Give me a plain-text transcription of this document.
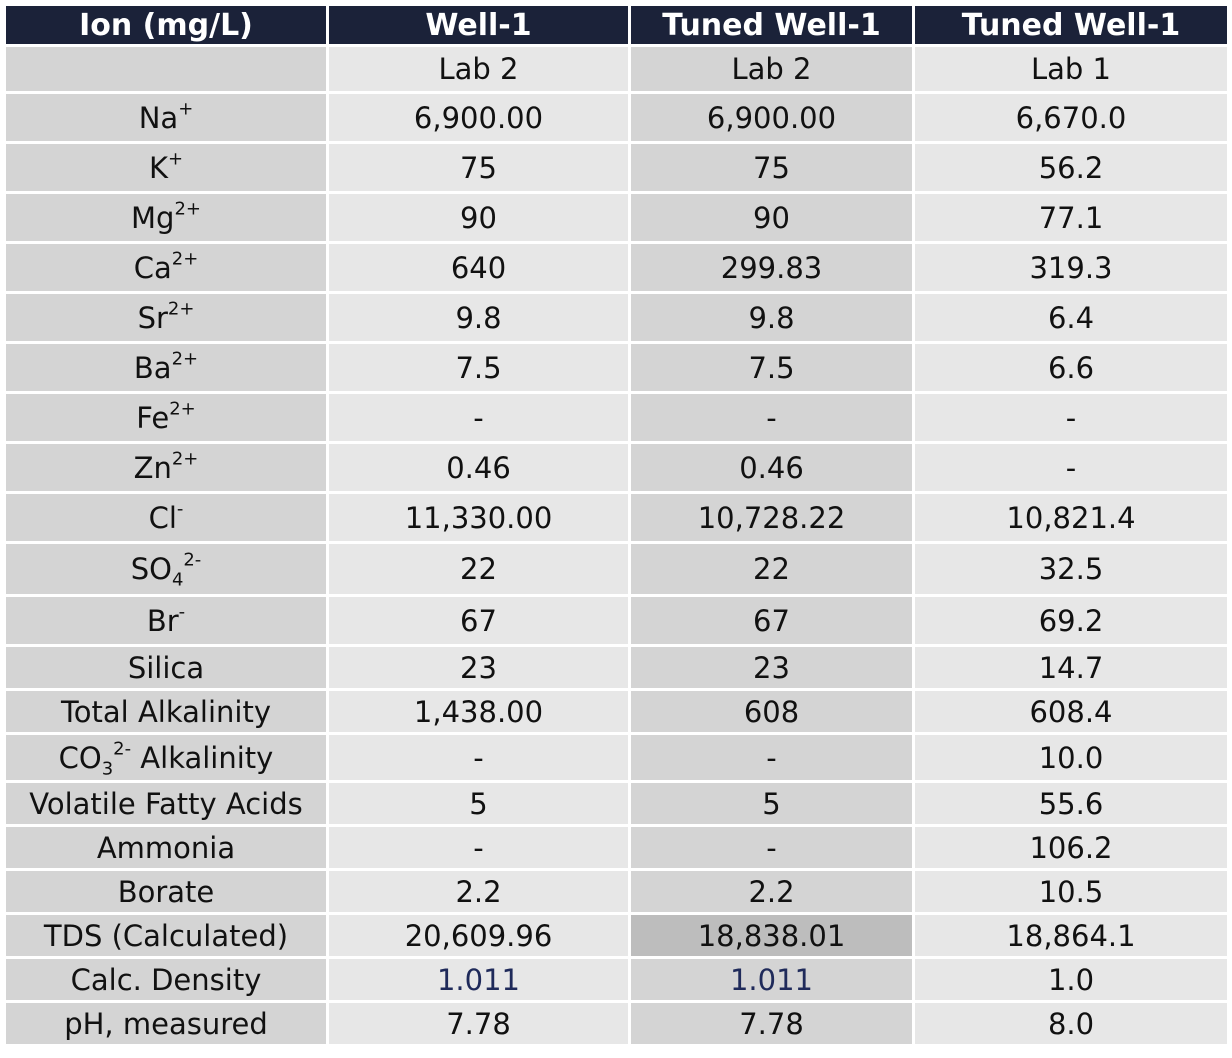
Ion (mg/L)	Well-1	Tuned Well-1	Tuned Well-1
	Lab 2	Lab 2	Lab 1
Na+	6,900.00	6,900.00	6,670.0
K+	75	75	56.2
$Mg^{2+}$	90	90	77.1
$Ca^{2+}$	640	299.83	319.3
$Sr^{2+}$	9.8	9.8	6.4
$Ba^{2+}$	7.5	7.5	6.6
$Fe^{2+}$	-	-	-
$Zn^{2+}$	0.46	0.46	-
Cl-	11,330.00	10,728.22	10,821.4
$SO_4^{2-}$	22	22	32.5
Br-	67	67	69.2
Silica	23	23	14.7
Total Alkalinity	1,438.00	608	608.4
$CO_3^{2-}$ Alkalinity	-	-	10.0
Volatile Fatty Acids	5	5	55.6
Ammonia	-	-	106.2
Borate	2.2	2.2	10.5
TDS (Calculated)	20,609.96	18,838.01	18,864.1
Calc. Density	1.011	1.011	1.0
pH, measured	7.78	7.78	8.0
